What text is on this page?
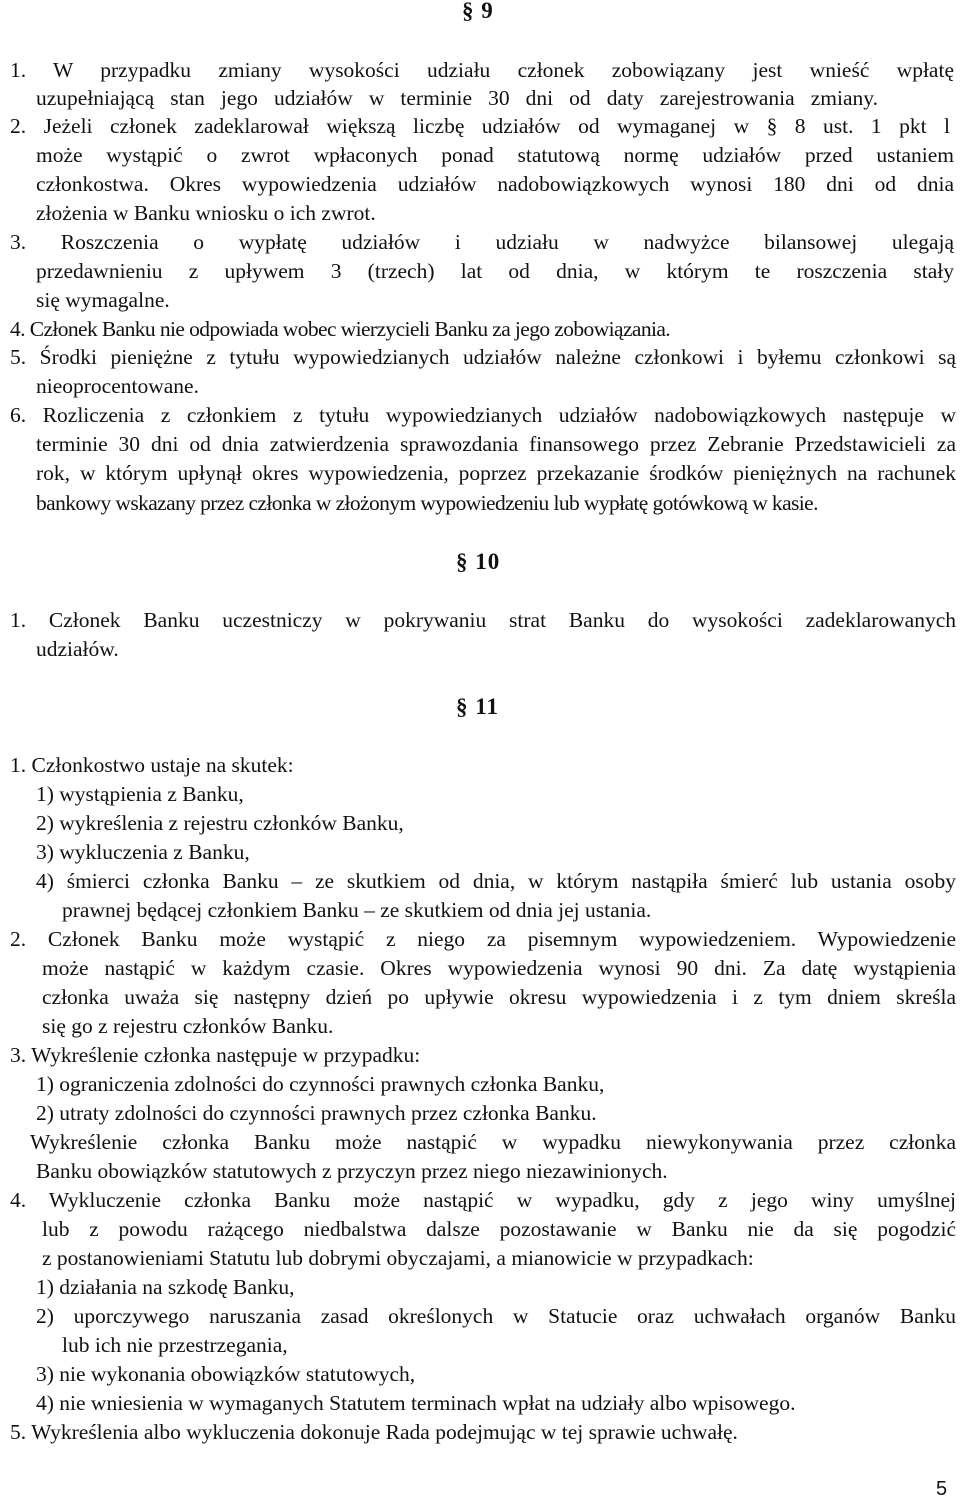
§ 9
1. W przypadku zmiany wysokości udziału członek zobowiązany jest wnieść wpłatę
uzupełniającą stan jego udziałów w terminie 30 dni od daty zarejestrowania zmiany.
2. Jeżeli członek zadeklarował większą liczbę udziałów od wymaganej w § 8 ust. 1 pkt l
może wystąpić o zwrot wpłaconych ponad statutową normę udziałów przed ustaniem
członkostwa. Okres wypowiedzenia udziałów nadobowiązkowych wynosi 180 dni od dnia
złożenia w Banku wniosku o ich zwrot.
3. Roszczenia o wypłatę udziałów i udziału w nadwyżce bilansowej ulegają
przedawnieniu z upływem 3 (trzech) lat od dnia, w którym te roszczenia stały
się wymagalne.
4. Członek Banku nie odpowiada wobec wierzycieli Banku za jego zobowiązania.
5. Środki pieniężne z tytułu wypowiedzianych udziałów należne członkowi i byłemu członkowi są
nieoprocentowane.
6. Rozliczenia z członkiem z tytułu wypowiedzianych udziałów nadobowiązkowych następuje w
terminie 30 dni od dnia zatwierdzenia sprawozdania finansowego przez Zebranie Przedstawicieli za
rok, w którym upłynął okres wypowiedzenia, poprzez przekazanie środków pieniężnych na rachunek
bankowy wskazany przez członka w złożonym wypowiedzeniu lub wypłatę gotówkową w kasie.
§ 10
1. Członek Banku uczestniczy w pokrywaniu strat Banku do wysokości zadeklarowanych
udziałów.
§ 11
1. Członkostwo ustaje na skutek:
1) wystąpienia z Banku,
2) wykreślenia z rejestru członków Banku,
3) wykluczenia z Banku,
4) śmierci członka Banku – ze skutkiem od dnia, w którym nastąpiła śmierć lub ustania osoby
prawnej będącej członkiem Banku – ze skutkiem od dnia jej ustania.
2. Członek Banku może wystąpić z niego za pisemnym wypowiedzeniem. Wypowiedzenie
może nastąpić w każdym czasie. Okres wypowiedzenia wynosi 90 dni. Za datę wystąpienia
członka uważa się następny dzień po upływie okresu wypowiedzenia i z tym dniem skreśla
się go z rejestru członków Banku.
3. Wykreślenie członka następuje w przypadku:
1) ograniczenia zdolności do czynności prawnych członka Banku,
2) utraty zdolności do czynności prawnych przez członka Banku.
Wykreślenie członka Banku może nastąpić w wypadku niewykonywania przez członka
Banku obowiązków statutowych z przyczyn przez niego niezawinionych.
4. Wykluczenie członka Banku może nastąpić w wypadku, gdy z jego winy umyślnej
lub z powodu rażącego niedbalstwa dalsze pozostawanie w Banku nie da się pogodzić
z postanowieniami Statutu lub dobrymi obyczajami, a mianowicie w przypadkach:
1) działania na szkodę Banku,
2) uporczywego naruszania zasad określonych w Statucie oraz uchwałach organów Banku
lub ich nie przestrzegania,
3) nie wykonania obowiązków statutowych,
4) nie wniesienia w wymaganych Statutem terminach wpłat na udziały albo wpisowego.
5. Wykreślenia albo wykluczenia dokonuje Rada podejmując w tej sprawie uchwałę.
5
